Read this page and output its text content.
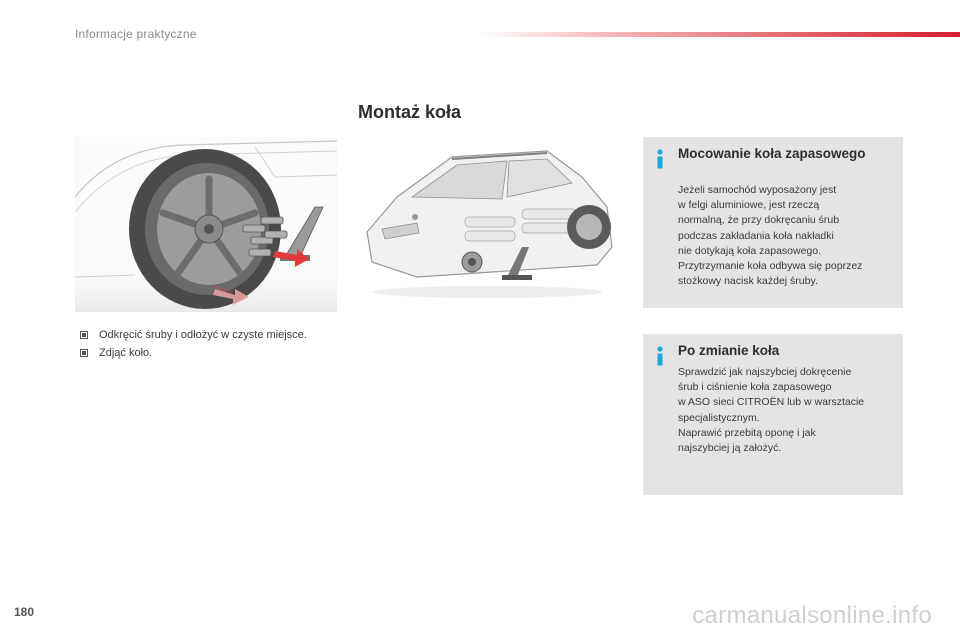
Informacje praktyczne
Montaż koła
Odkręcić śruby i odłożyć w czyste miejsce.
Zdjąć koło.
Mocowanie koła zapasowego
Jeżeli samochód wyposażony jest
w felgi aluminiowe, jest rzeczą
normalną, że przy dokręcaniu śrub
podczas zakładania koła nakładki
nie dotykają koła zapasowego.
Przytrzymanie koła odbywa się poprzez
stożkowy nacisk każdej śruby.
Po zmianie koła
Sprawdzić jak najszybciej dokręcenie
śrub i ciśnienie koła zapasowego
w ASO sieci CITROËN lub w warsztacie
specjalistycznym.
Naprawić przebitą oponę i jak
najszybciej ją założyć.
180	carmanualsonline.info
